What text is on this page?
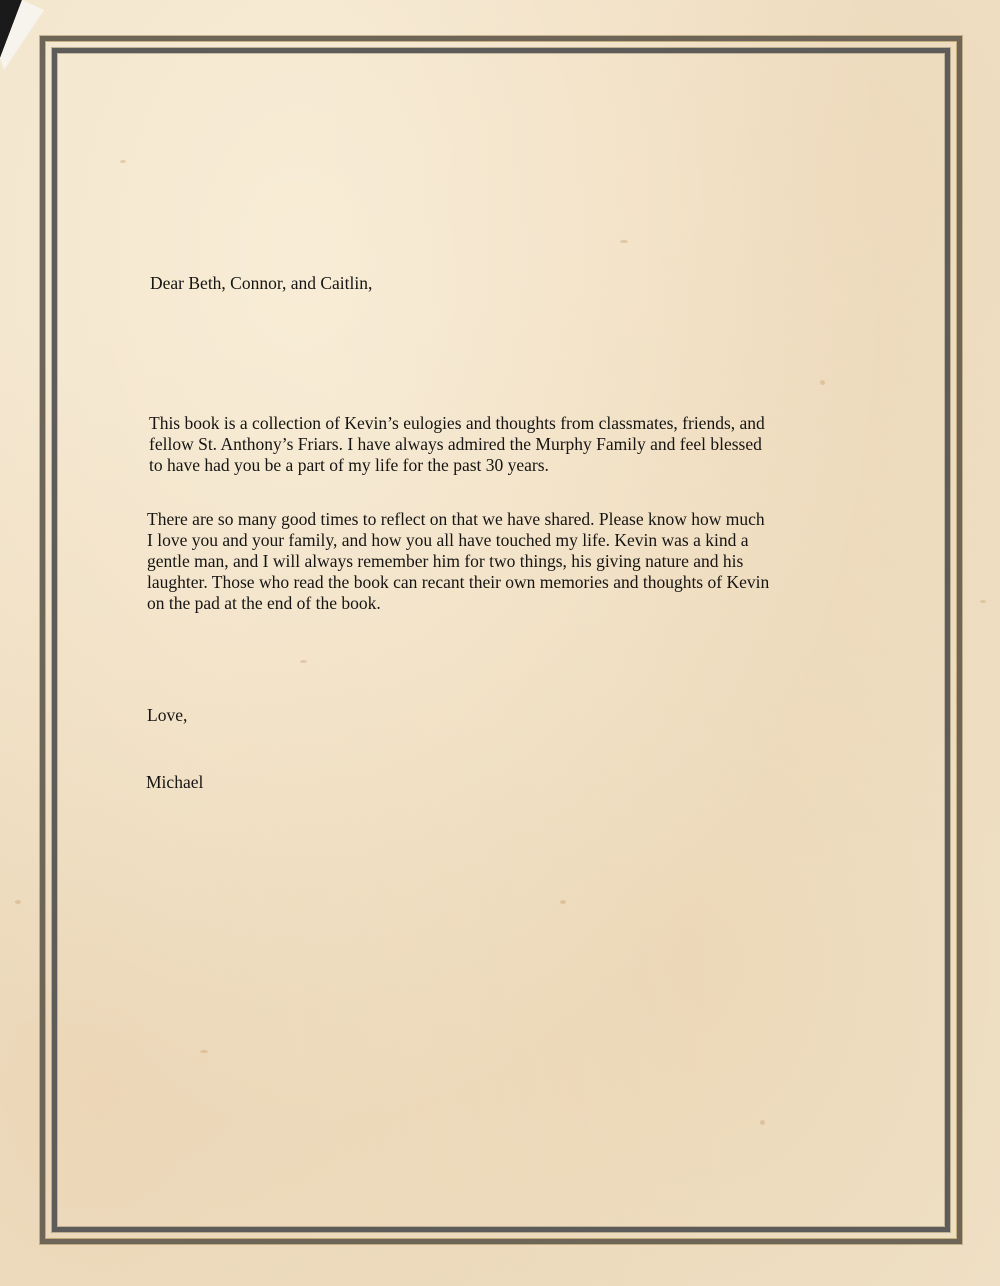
Dear Beth, Connor, and Caitlin,

This book is a collection of Kevin’s eulogies and thoughts from classmates, friends, and
fellow St. Anthony’s Friars. I have always admired the Murphy Family and feel blessed
to have had you be a part of my life for the past 30 years.

There are so many good times to reflect on that we have shared. Please know how much
I love you and your family, and how you all have touched my life. Kevin was a kind a
gentle man, and I will always remember him for two things, his giving nature and his
laughter. Those who read the book can recant their own memories and thoughts of Kevin
on the pad at the end of the book.

Love,

Michael
